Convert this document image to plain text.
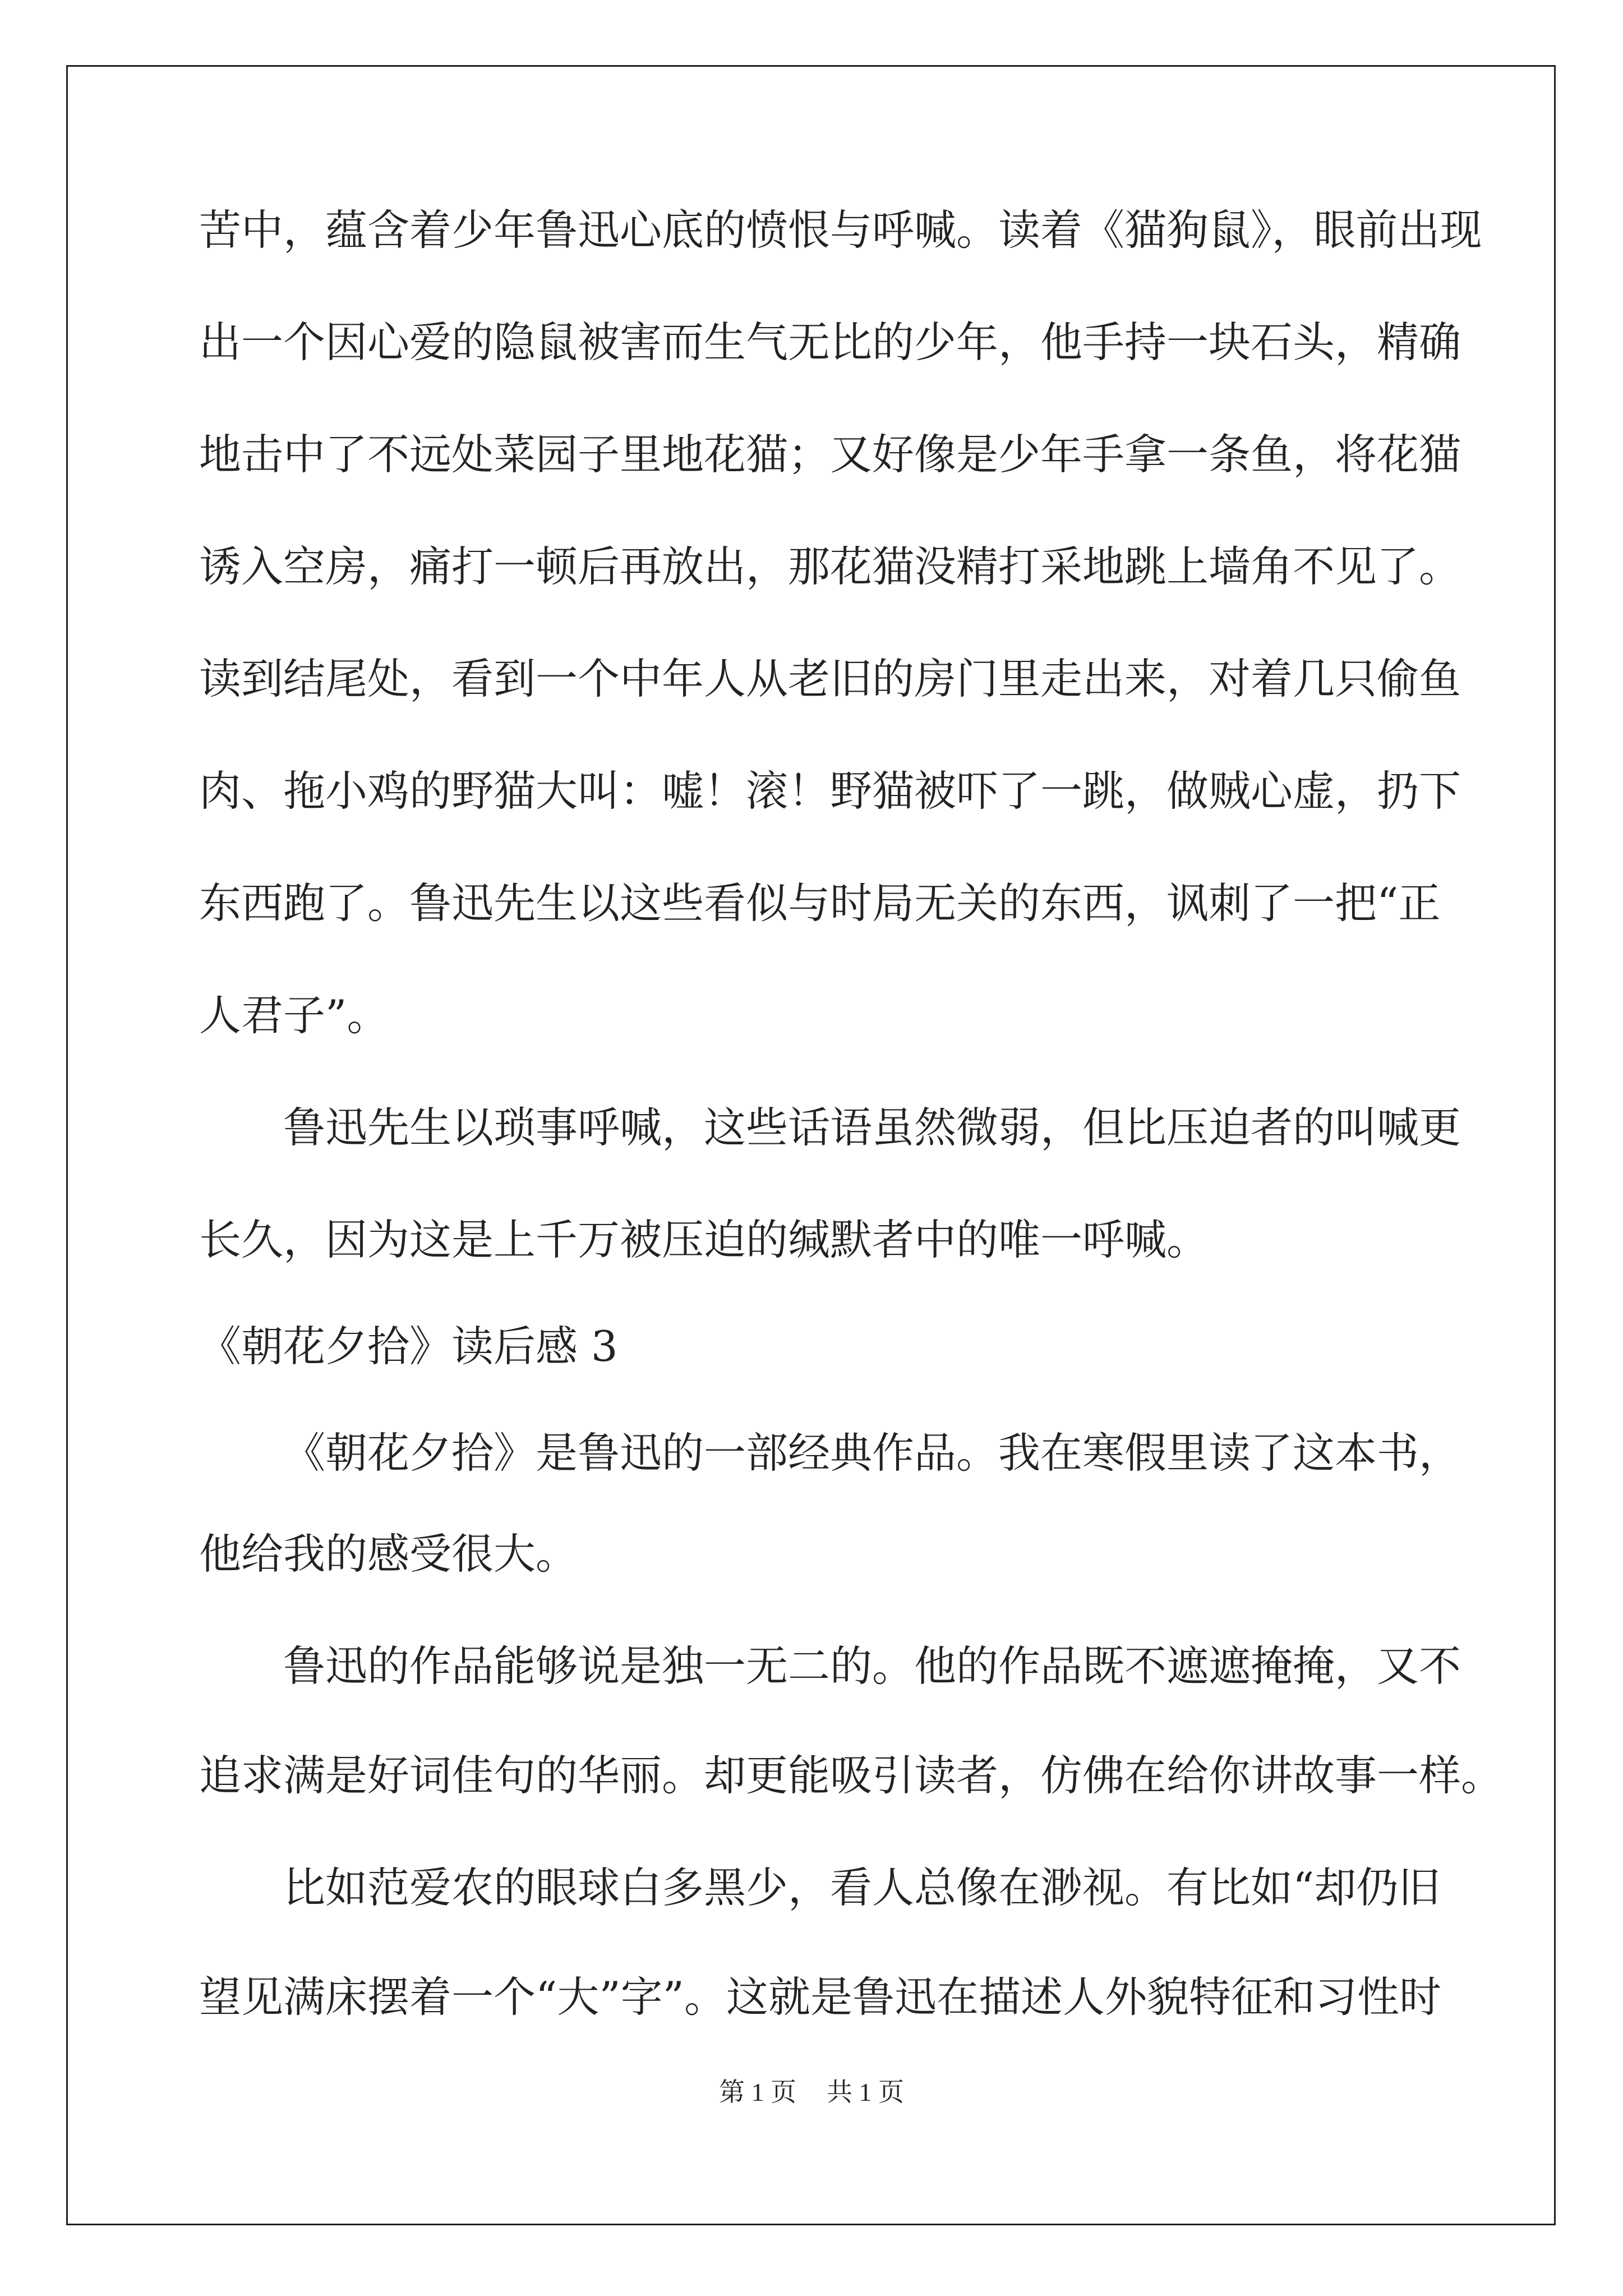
苦中，蕴含着少年鲁迅心底的愤恨与呼喊。读着《猫狗鼠》，眼前出现
出一个因心爱的隐鼠被害而生气无比的少年，他手持一块石头，精确
地击中了不远处菜园子里地花猫；又好像是少年手拿一条鱼，将花猫
诱入空房，痛打一顿后再放出，那花猫没精打采地跳上墙角不见了。
读到结尾处，看到一个中年人从老旧的房门里走出来，对着几只偷鱼
肉、拖小鸡的野猫大叫：嘘！滚！野猫被吓了一跳，做贼心虚，扔下
东西跑了。鲁迅先生以这些看似与时局无关的东西，讽刺了一把“正
人君子”。
鲁迅先生以琐事呼喊，这些话语虽然微弱，但比压迫者的叫喊更
长久，因为这是上千万被压迫的缄默者中的唯一呼喊。
《朝花夕拾》读后感 3
《朝花夕拾》是鲁迅的一部经典作品。我在寒假里读了这本书，
他给我的感受很大。
鲁迅的作品能够说是独一无二的。他的作品既不遮遮掩掩，又不
追求满是好词佳句的华丽。却更能吸引读者，仿佛在给你讲故事一样。
比如范爱农的眼球白多黑少，看人总像在渺视。有比如“却仍旧
望见满床摆着一个“大”字”。这就是鲁迅在描述人外貌特征和习性时
第 1 页 共 1 页
